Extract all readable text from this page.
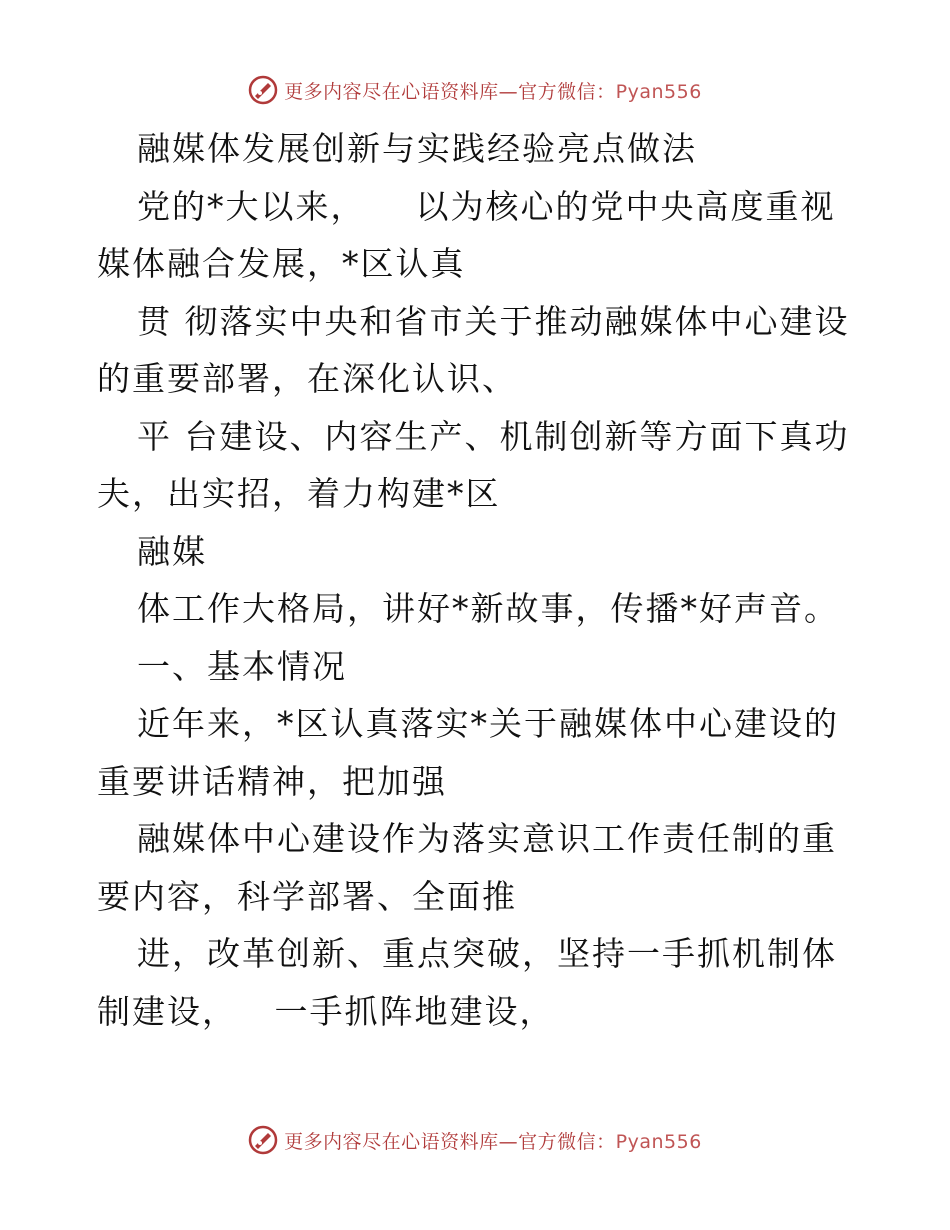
更多内容尽在心语资料库—官方微信：Pyan556

融媒体发展创新与实践经验亮点做法

党的*大以来，    以为核心的党中央高度重视媒体融合发展，*区认真

贯 彻落实中央和省市关于推动融媒体中心建设的重要部署，在深化认识、

平 台建设、内容生产、机制创新等方面下真功夫，出实招，着力构建*区

融媒

体工作大格局，讲好*新故事，传播*好声音。

一、基本情况

近年来，*区认真落实*关于融媒体中心建设的重要讲话精神，把加强

融媒体中心建设作为落实意识工作责任制的重要内容，科学部署、全面推

进，改革创新、重点突破，坚持一手抓机制体制建设，   一手抓阵地建设，

更多内容尽在心语资料库—官方微信：Pyan556
